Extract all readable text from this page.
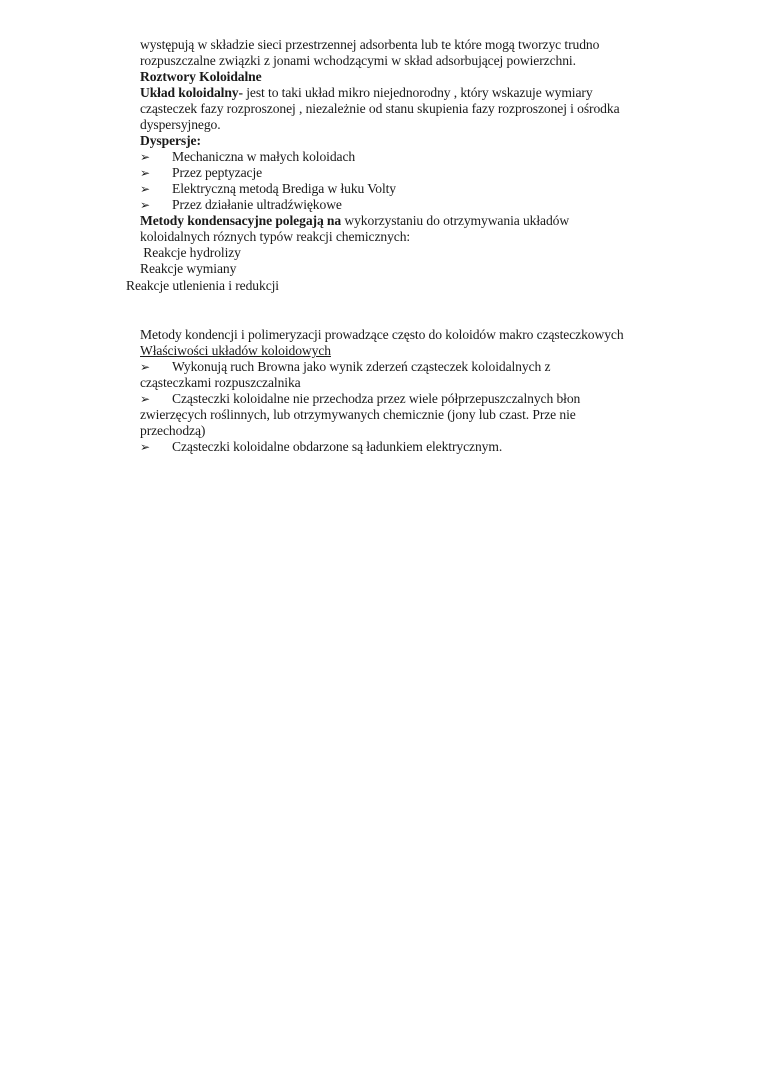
występują w składzie sieci przestrzennej adsorbenta lub te które mogą tworzyc trudno
rozpuszczalne związki z jonami wchodzącymi w skład adsorbującej powierzchni.
Roztwory Koloidalne
Układ koloidalny- jest to taki układ mikro niejednorodny , który wskazuje wymiary
cząsteczek fazy rozproszonej , niezależnie od stanu skupienia fazy rozproszonej i ośrodka
dyspersyjnego.
Dyspersje:
➢ Mechaniczna w małych koloidach
➢ Przez peptyzacje
➢ Elektryczną metodą Brediga w łuku Volty
➢ Przez działanie ultradźwiękowe
Metody kondensacyjne polegają na wykorzystaniu do otrzymywania układów
koloidalnych róznych typów reakcji chemicznych:
Reakcje hydrolizy
Reakcje wymiany
Reakcje utlenienia i redukcji
Metody kondencji i polimeryzacji prowadzące często do koloidów makro cząsteczkowych
Właściwości układów koloidowych
➢ Wykonują ruch Browna jako wynik zderzeń cząsteczek koloidalnych z
cząsteczkami rozpuszczalnika
➢ Cząsteczki koloidalne nie przechodza przez wiele półprzepuszczalnych błon
zwierzęcych roślinnych, lub otrzymywanych chemicznie (jony lub czast. Prze nie
przechodzą)
➢ Cząsteczki koloidalne obdarzone są ładunkiem elektrycznym.
